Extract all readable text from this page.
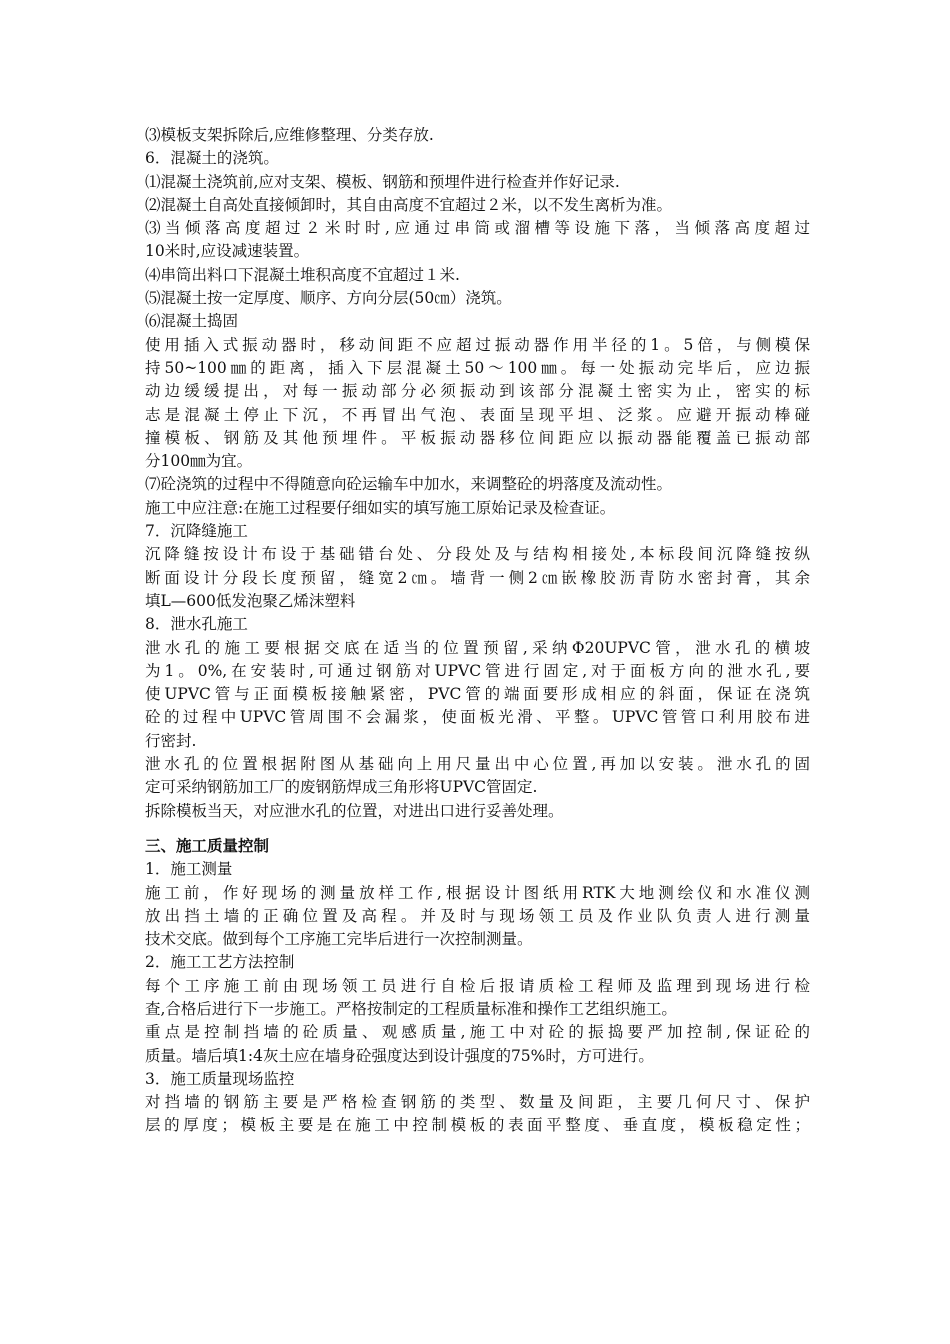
⑶模板支架拆除后,应维修整理、分类存放.
6．混凝土的浇筑。
⑴混凝土浇筑前,应对支架、模板、钢筋和预埋件进行检查并作好记录.
⑵混凝土自高处直接倾卸时，其自由高度不宜超过２米，以不发生离析为准。
⑶当倾落高度超过２米时时,应通过串筒或溜槽等设施下落，当倾落高度超过
10米时,应设减速装置。
⑷串筒出料口下混凝土堆积高度不宜超过１米.
⑸混凝土按一定厚度、顺序、方向分层(50㎝）浇筑。
⑹混凝土捣固
使用插入式振动器时，移动间距不应超过振动器作用半径的1。5倍，与侧模保
持50~100㎜的距离，插入下层混凝土50～100㎜。每一处振动完毕后，应边振
动边缓缓提出，对每一振动部分必须振动到该部分混凝土密实为止，密实的标
志是混凝土停止下沉，不再冒出气泡、表面呈现平坦、泛浆。应避开振动棒碰
撞模板、钢筋及其他预埋件。平板振动器移位间距应以振动器能覆盖已振动部
分100㎜为宜。
⑺砼浇筑的过程中不得随意向砼运输车中加水，来调整砼的坍落度及流动性。
施工中应注意:在施工过程要仔细如实的填写施工原始记录及检查证。
7．沉降缝施工
沉降缝按设计布设于基础错台处、分段处及与结构相接处,本标段间沉降缝按纵
断面设计分段长度预留，缝宽2㎝。墙背一侧2㎝嵌橡胶沥青防水密封膏，其余
填L—600低发泡聚乙烯沫塑料
8．泄水孔施工
泄水孔的施工要根据交底在适当的位置预留,采纳Φ20UPVC管，泄水孔的横坡
为1。0%,在安装时,可通过钢筋对UPVC管进行固定,对于面板方向的泄水孔,要
使UPVC管与正面模板接触紧密，PVC管的端面要形成相应的斜面，保证在浇筑
砼的过程中UPVC管周围不会漏浆，使面板光滑、平整。UPVC管管口利用胶布进
行密封.
泄水孔的位置根据附图从基础向上用尺量出中心位置,再加以安装。泄水孔的固
定可采纳钢筋加工厂的废钢筋焊成三角形将UPVC管固定.
拆除模板当天，对应泄水孔的位置，对进出口进行妥善处理。
三、施工质量控制
1．施工测量
施工前，作好现场的测量放样工作,根据设计图纸用RTK大地测绘仪和水准仪测
放出挡土墙的正确位置及高程。并及时与现场领工员及作业队负责人进行测量
技术交底。做到每个工序施工完毕后进行一次控制测量。
2．施工工艺方法控制
每个工序施工前由现场领工员进行自检后报请质检工程师及监理到现场进行检
查,合格后进行下一步施工。严格按制定的工程质量标准和操作工艺组织施工。
重点是控制挡墙的砼质量、观感质量,施工中对砼的振捣要严加控制,保证砼的
质量。墙后填1:4灰土应在墙身砼强度达到设计强度的75%时，方可进行。
3．施工质量现场监控
对挡墙的钢筋主要是严格检查钢筋的类型、数量及间距，主要几何尺寸、保护
层的厚度；模板主要是在施工中控制模板的表面平整度、垂直度，模板稳定性；
